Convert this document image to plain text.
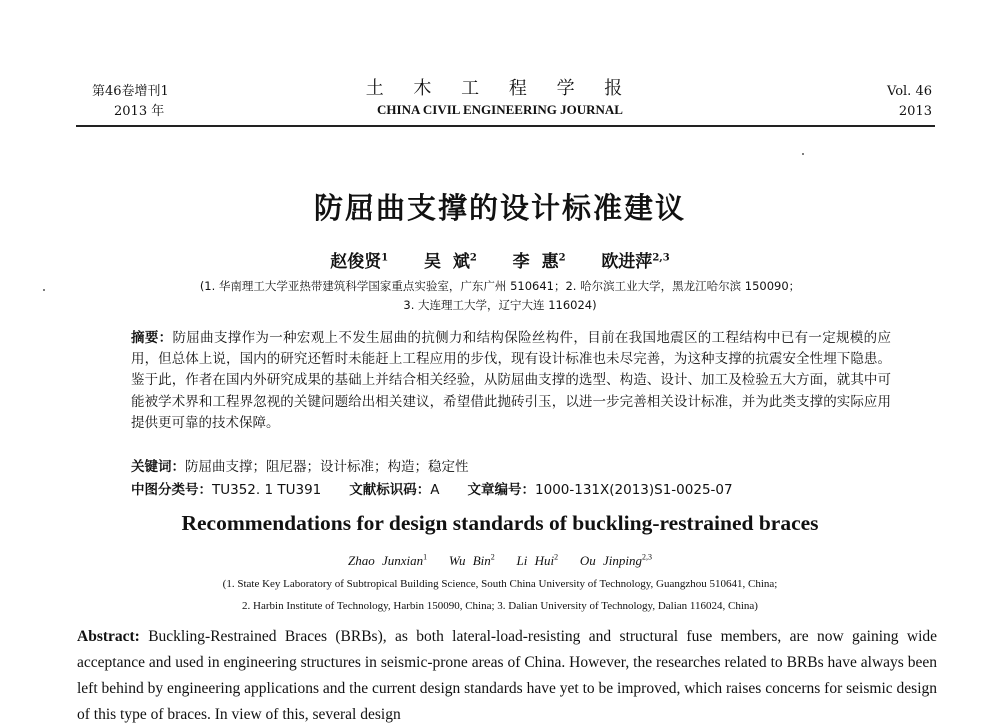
第46卷增刊1
2013 年
土 木 工 程 学 报
CHINA CIVIL ENGINEERING JOURNAL
Vol. 46
2013
防屈曲支撑的设计标准建议
赵俊贤$^1$ 吴 斌$^2$ 李 惠$^2$ 欧进萍$^{2,3}$
(1. 华南理工大学亚热带建筑科学国家重点实验室，广东广州 510641；2. 哈尔滨工业大学，黑龙江哈尔滨 150090；
3. 大连理工大学，辽宁大连 116024)
摘要：防屈曲支撑作为一种宏观上不发生屈曲的抗侧力和结构保险丝构件，目前在我国地震区的工程结构中已有一定规模的应用，但总体上说，国内的研究还暂时未能赶上工程应用的步伐，现有设计标准也未尽完善，为这种支撑的抗震安全性埋下隐患。鉴于此，作者在国内外研究成果的基础上并结合相关经验，从防屈曲支撑的选型、构造、设计、加工及检验五大方面，就其中可能被学术界和工程界忽视的关键问题给出相关建议，希望借此抛砖引玉，以进一步完善相关设计标准，并为此类支撑的实际应用提供更可靠的技术保障。
关键词：防屈曲支撑；阻尼器；设计标准；构造；稳定性
中图分类号：TU352. 1 TU391 文献标识码：A 文章编号：1000-131X(2013)S1-0025-07
Recommendations for design standards of buckling-restrained braces
Zhao Junxian$^1$ Wu Bin$^2$ Li Hui$^2$ Ou Jinping$^{2,3}$
(1. State Key Laboratory of Subtropical Building Science, South China University of Technology, Guangzhou 510641, China;
2. Harbin Institute of Technology, Harbin 150090, China; 3. Dalian University of Technology, Dalian 116024, China)
Abstract: Buckling-Restrained Braces (BRBs), as both lateral-load-resisting and structural fuse members, are now gaining wide acceptance and used in engineering structures in seismic-prone areas of China. However, the researches related to BRBs have always been left behind by engineering applications and the current design standards have yet to be improved, which raises concerns for seismic design of this type of braces. In view of this, several design
